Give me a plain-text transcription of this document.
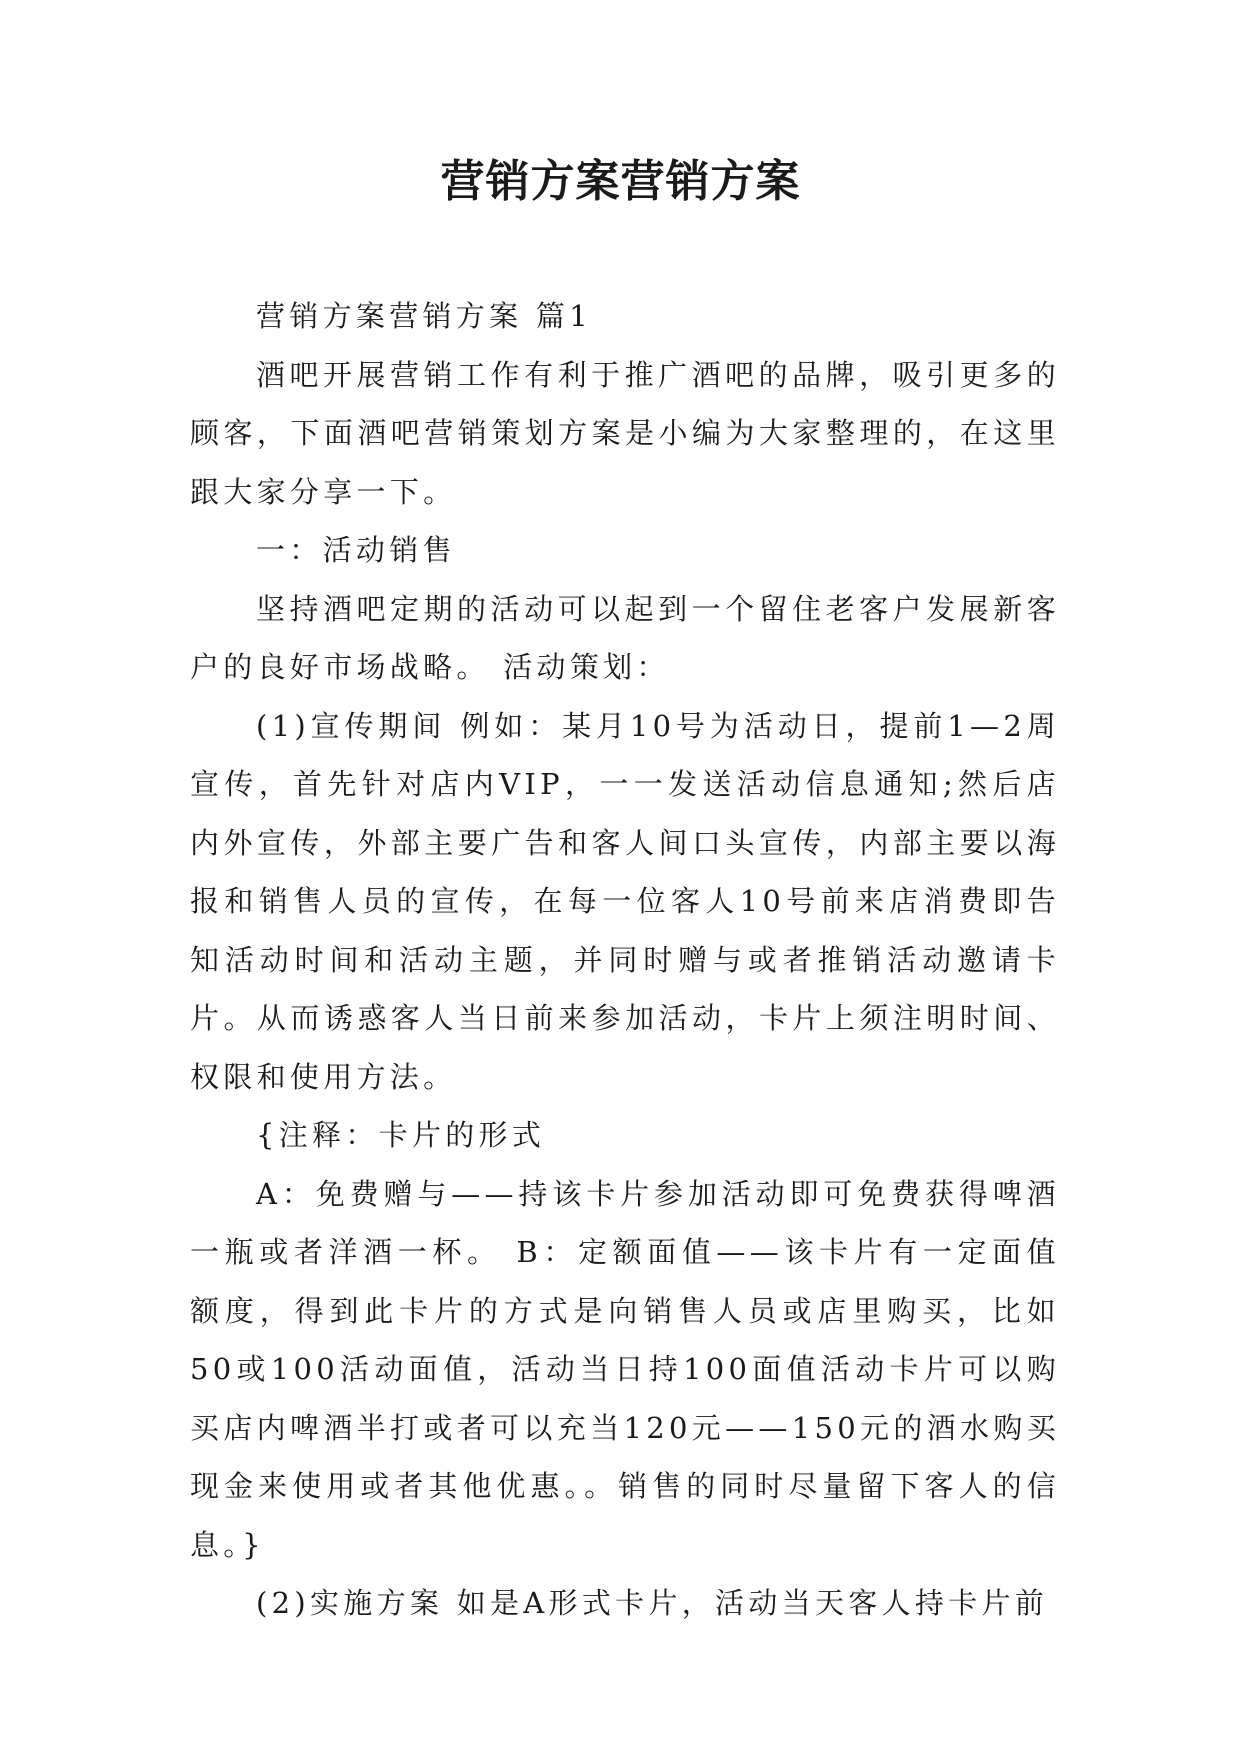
营销方案营销方案

营销方案营销方案 篇1

酒吧开展营销工作有利于推广酒吧的品牌，吸引更多的顾客，下面酒吧营销策划方案是小编为大家整理的，在这里跟大家分享一下。

一：活动销售

坚持酒吧定期的活动可以起到一个留住老客户发展新客户的良好市场战略。 活动策划：

(1)宣传期间 例如：某月10号为活动日，提前1—2周宣传，首先针对店内VIP，一一发送活动信息通知;然后店内外宣传，外部主要广告和客人间口头宣传，内部主要以海报和销售人员的宣传，在每一位客人10号前来店消费即告知活动时间和活动主题，并同时赠与或者推销活动邀请卡片。从而诱惑客人当日前来参加活动，卡片上须注明时间、权限和使用方法。

{注释：卡片的形式

A：免费赠与——持该卡片参加活动即可免费获得啤酒一瓶或者洋酒一杯。 B：定额面值——该卡片有一定面值额度，得到此卡片的方式是向销售人员或店里购买，比如50或100活动面值，活动当日持100面值活动卡片可以购买店内啤酒半打或者可以充当120元——150元的酒水购买现金来使用或者其他优惠。。销售的同时尽量留下客人的信息。}

(2)实施方案 如是A形式卡片，活动当天客人持卡片前
